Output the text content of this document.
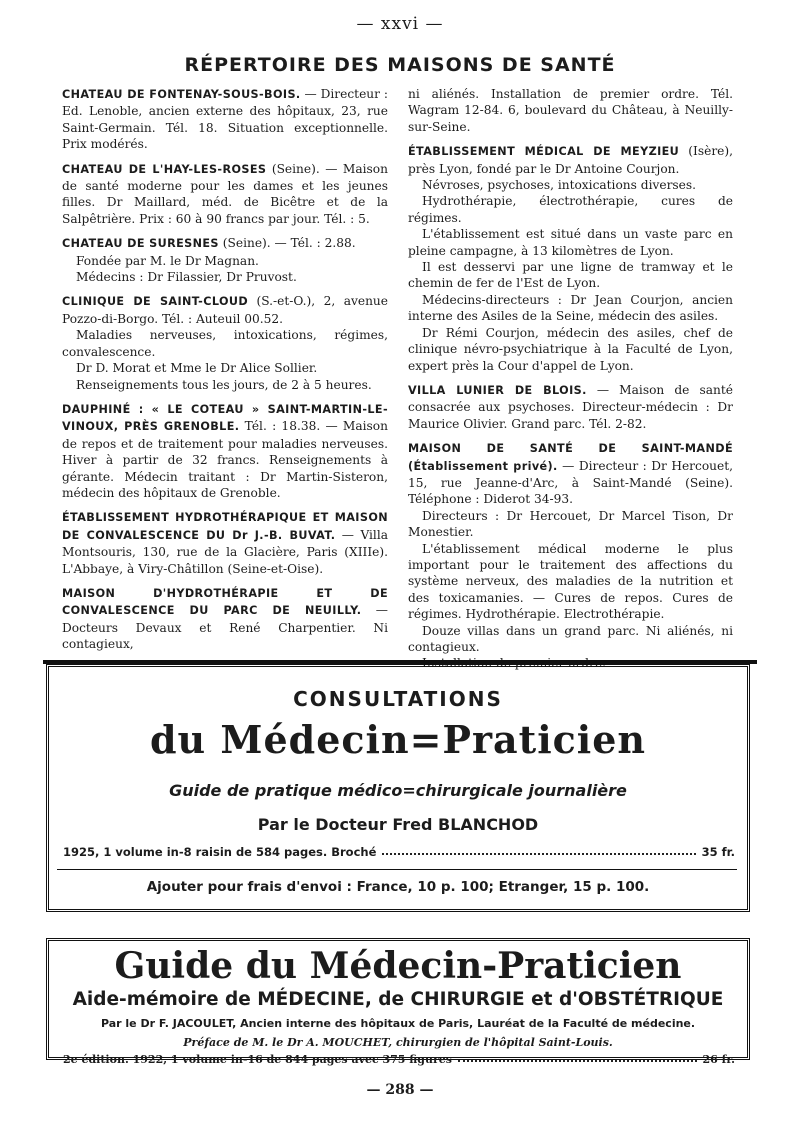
— xxvi —
RÉPERTOIRE DES MAISONS DE SANTÉ

CHATEAU DE FONTENAY-SOUS-BOIS. — Directeur : Ed. Lenoble, ancien externe des hôpitaux, 23, rue Saint-Germain. Tél. 18. Situation exceptionnelle. Prix modérés.

CHATEAU DE L'HAY-LES-ROSES (Seine). — Maison de santé moderne pour les dames et les jeunes filles. Dr Maillard, méd. de Bicêtre et de la Salpêtrière. Prix : 60 à 90 francs par jour. Tél. : 5.

CHATEAU DE SURESNES (Seine). — Tél. : 2.88.

Fondée par M. le Dr Magnan.

Médecins : Dr Filassier, Dr Pruvost.

CLINIQUE DE SAINT-CLOUD (S.-et-O.), 2, avenue Pozzo-di-Borgo. Tél. : Auteuil 00.52.

Maladies nerveuses, intoxications, régimes, convalescence.

Dr D. Morat et Mme le Dr Alice Sollier.

Renseignements tous les jours, de 2 à 5 heures.

DAUPHINÉ : « LE COTEAU » SAINT-MARTIN-LE-VINOUX, PRÈS GRENOBLE. Tél. : 18.38. — Maison de repos et de traitement pour maladies nerveuses. Hiver à partir de 32 francs. Renseignements à gérante. Médecin traitant : Dr Martin-Sisteron, médecin des hôpitaux de Grenoble.

ÉTABLISSEMENT HYDROTHÉRAPIQUE ET MAISON DE CONVALESCENCE DU Dr J.-B. BUVAT. — Villa Montsouris, 130, rue de la Glacière, Paris (XIIIe). L'Abbaye, à Viry-Châtillon (Seine-et-Oise).

MAISON D'HYDROTHÉRAPIE ET DE CONVALESCENCE DU PARC DE NEUILLY. — Docteurs Devaux et René Charpentier. Ni contagieux,

ni aliénés. Installation de premier ordre. Tél. Wagram 12-84. 6, boulevard du Château, à Neuilly-sur-Seine.

ÉTABLISSEMENT MÉDICAL DE MEYZIEU (Isère), près Lyon, fondé par le Dr Antoine Courjon.

Névroses, psychoses, intoxications diverses.

Hydrothérapie, électrothérapie, cures de régimes.

L'établissement est situé dans un vaste parc en pleine campagne, à 13 kilomètres de Lyon.

Il est desservi par une ligne de tramway et le chemin de fer de l'Est de Lyon.

Médecins-directeurs : Dr Jean Courjon, ancien interne des Asiles de la Seine, médecin des asiles.

Dr Rémi Courjon, médecin des asiles, chef de clinique névro-psychiatrique à la Faculté de Lyon, expert près la Cour d'appel de Lyon.

VILLA LUNIER DE BLOIS. — Maison de santé consacrée aux psychoses. Directeur-médecin : Dr Maurice Olivier. Grand parc. Tél. 2-82.

MAISON DE SANTÉ DE SAINT-MANDÉ (Établissement privé). — Directeur : Dr Hercouet, 15, rue Jeanne-d'Arc, à Saint-Mandé (Seine). Téléphone : Diderot 34-93.

Directeurs : Dr Hercouet, Dr Marcel Tison, Dr Monestier.

L'établissement médical moderne le plus important pour le traitement des affections du système nerveux, des maladies de la nutrition et des toxicamanies. — Cures de repos. Cures de régimes. Hydrothérapie. Electrothérapie.

Douze villas dans un grand parc. Ni aliénés, ni contagieux.

CONSULTATIONS
du Médecin=Praticien
Guide de pratique médico=chirurgicale journalière
Par le Docteur Fred BLANCHOD
1925, 1 volume in-8 raisin de 584 pages. Broché	35 fr.
Ajouter pour frais d'envoi : France, 10 p. 100; Etranger, 15 p. 100.
Guide du Médecin-Praticien
Aide-mémoire de MÉDECINE, de CHIRURGIE et d'OBSTÉTRIQUE
Par le Dr F. JACOULET, Ancien interne des hôpitaux de Paris, Lauréat de la Faculté de médecine.
Préface de M. le Dr A. MOUCHET, chirurgien de l'hôpital Saint-Louis.
2e édition. 1922, 1 volume in-16 de 844 pages avec 375 figures	26 fr.
— 288 —
